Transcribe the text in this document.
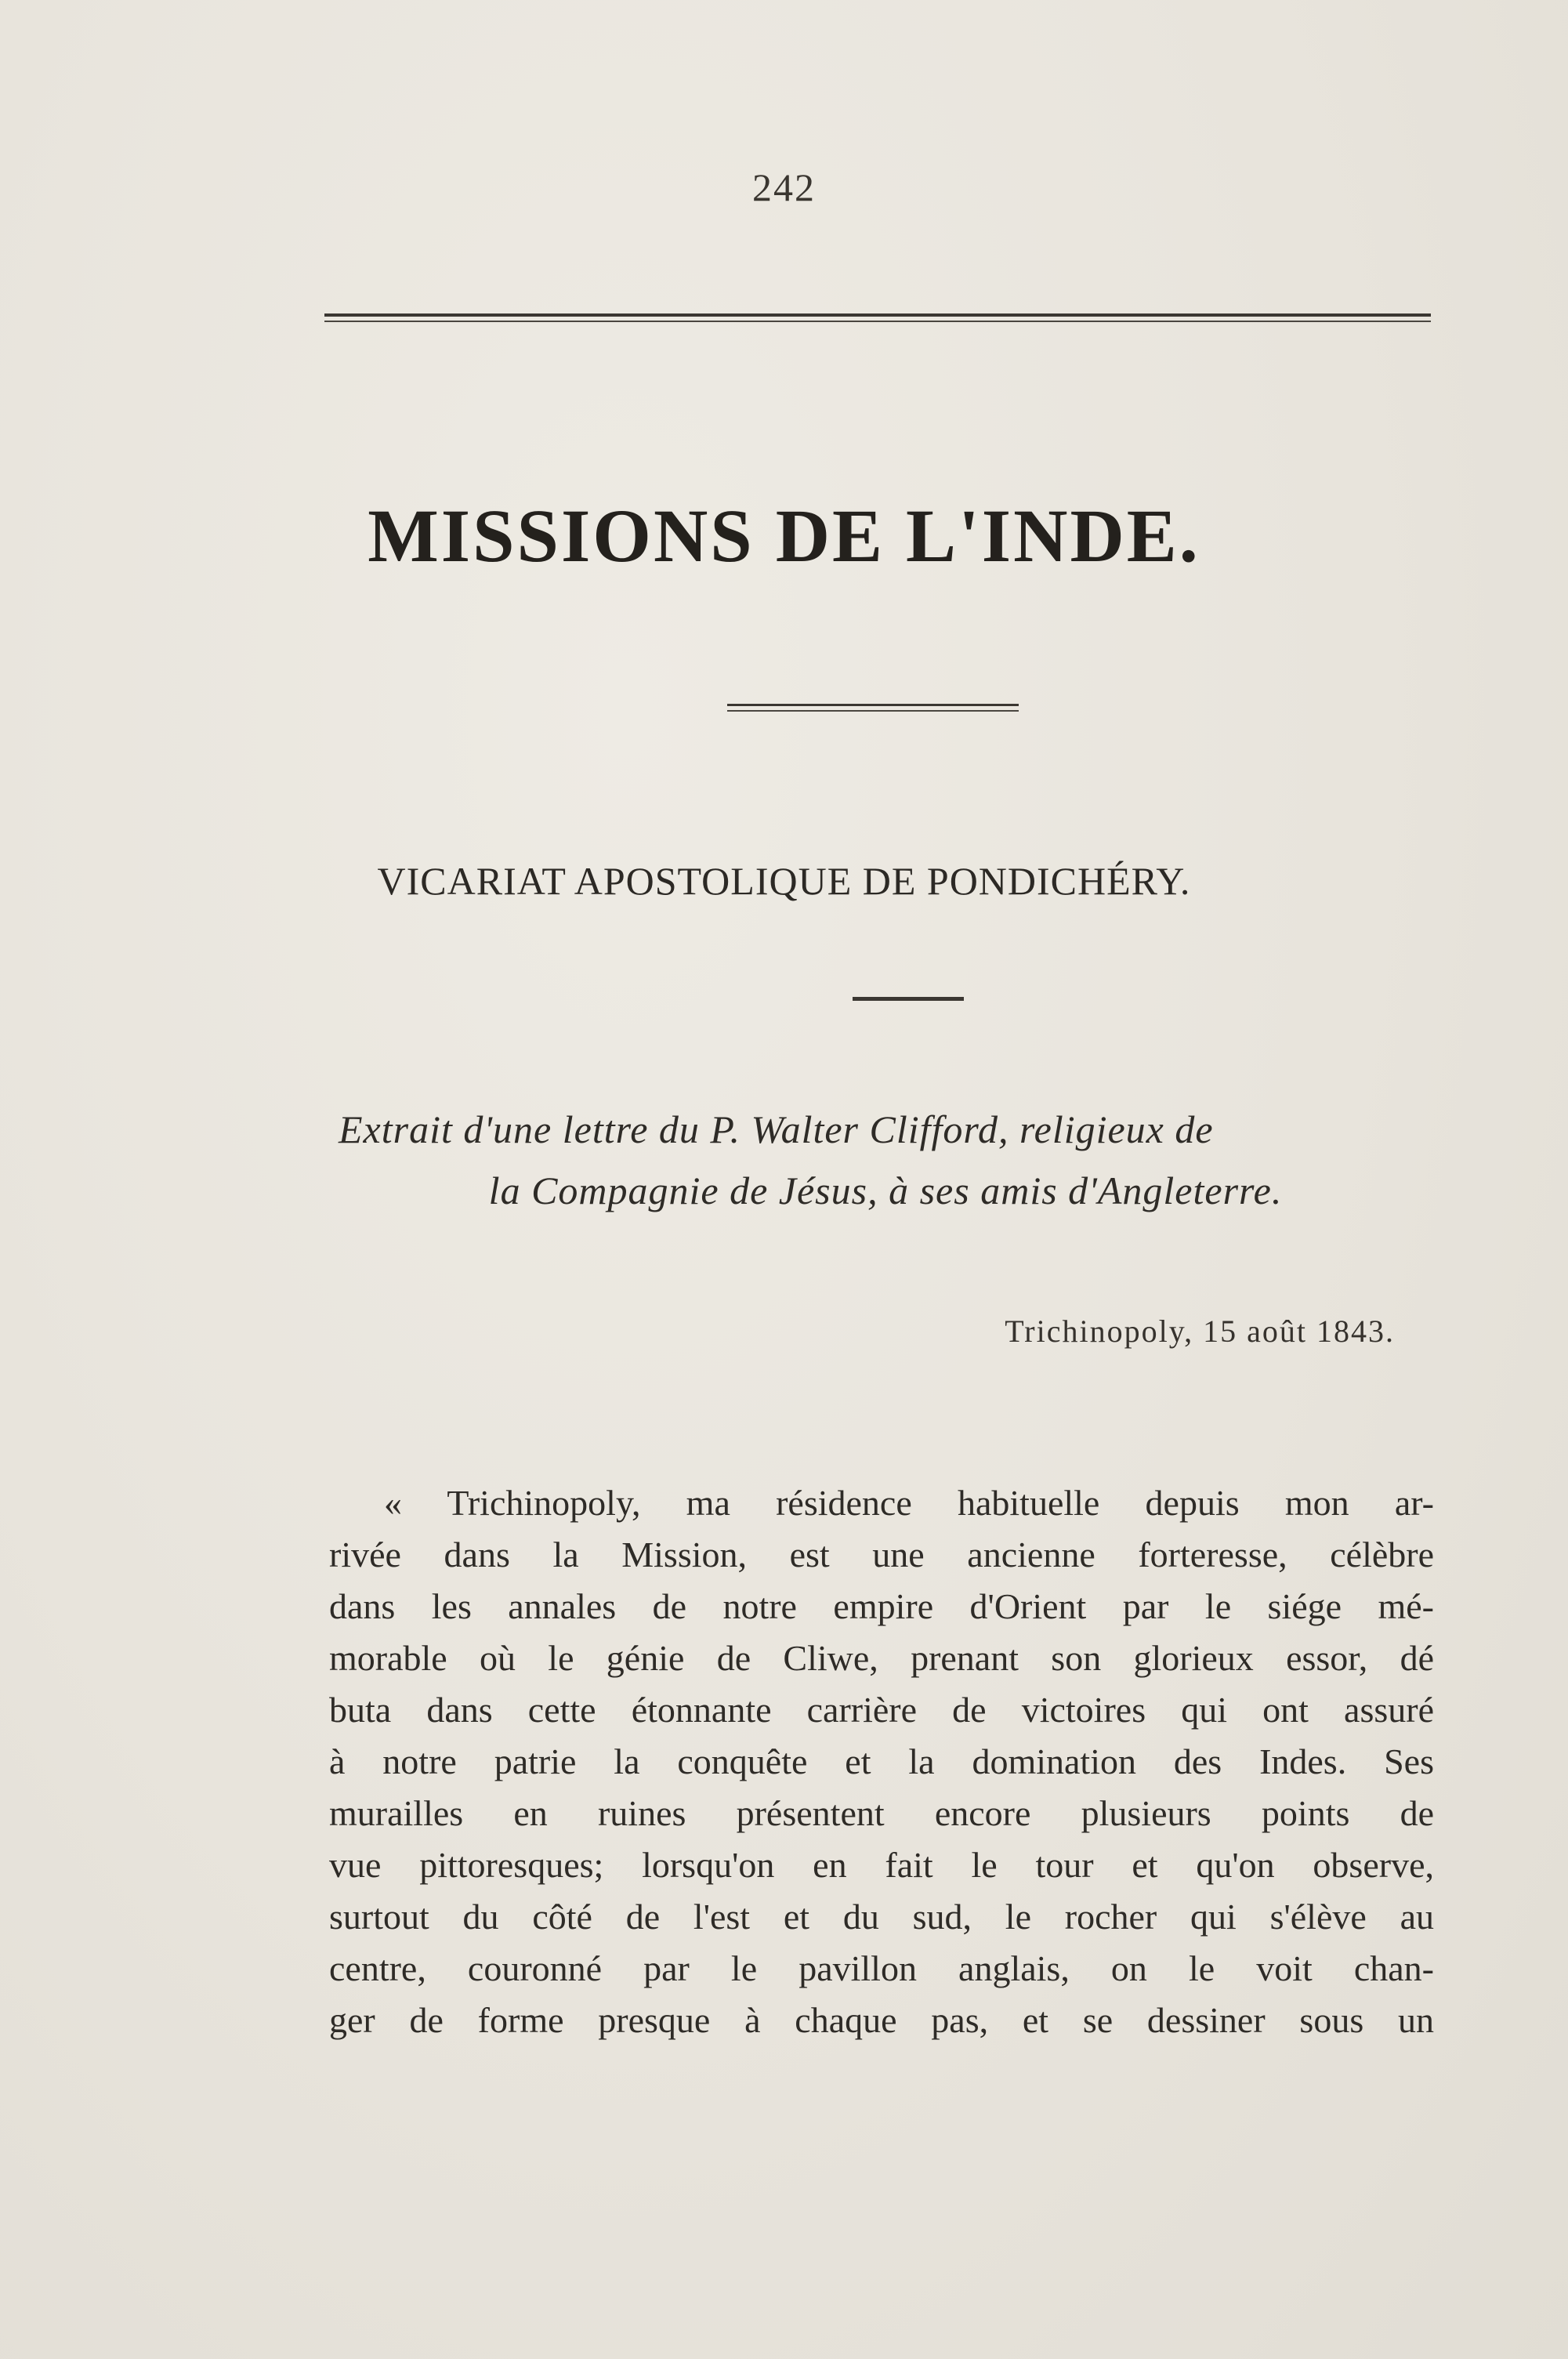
242
MISSIONS DE L'INDE.
VICARIAT APOSTOLIQUE DE PONDICHÉRY.
Extrait d'une lettre du P. Walter Clifford, religieux de
la Compagnie de Jésus, à ses amis d'Angleterre.
Trichinopoly, 15 août 1843.
« Trichinopoly, ma résidence habituelle depuis mon ar-
rivée dans la Mission, est une ancienne forteresse, célèbre
dans les annales de notre empire d'Orient par le siége mé-
morable où le génie de Cliwe, prenant son glorieux essor, dé
buta dans cette étonnante carrière de victoires qui ont assuré
à notre patrie la conquête et la domination des Indes. Ses
murailles en ruines présentent encore plusieurs points de
vue pittoresques; lorsqu'on en fait le tour et qu'on observe,
surtout du côté de l'est et du sud, le rocher qui s'élève au
centre, couronné par le pavillon anglais, on le voit chan-
ger de forme presque à chaque pas, et se dessiner sous un
